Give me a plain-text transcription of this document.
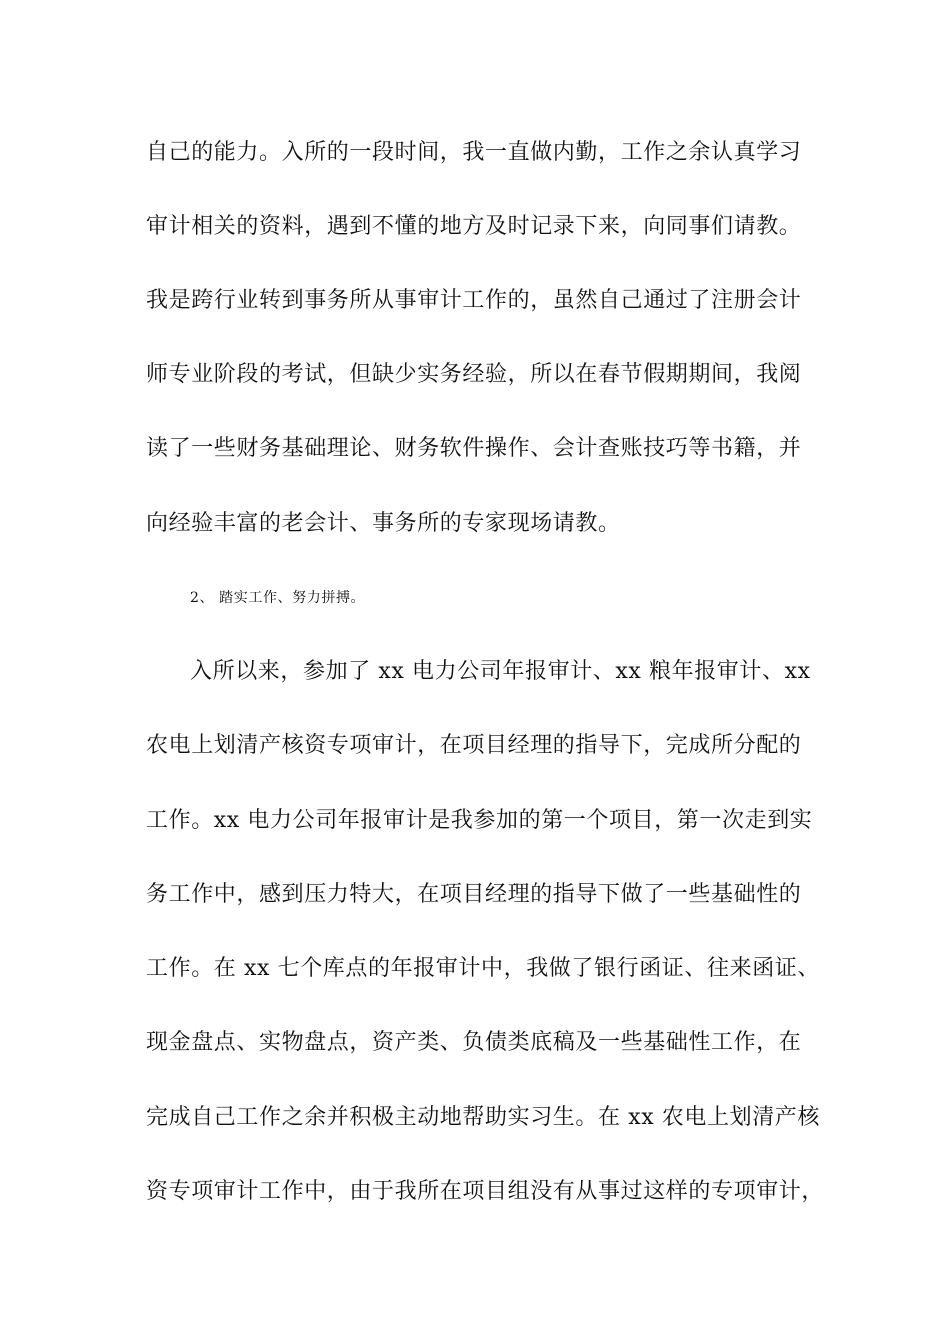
自己的能力。入所的一段时间，我一直做内勤，工作之余认真学习
审计相关的资料，遇到不懂的地方及时记录下来，向同事们请教。
我是跨行业转到事务所从事审计工作的，虽然自己通过了注册会计
师专业阶段的考试，但缺少实务经验，所以在春节假期期间，我阅
读了一些财务基础理论、财务软件操作、会计查账技巧等书籍，并
向经验丰富的老会计、事务所的专家现场请教。
2、 踏实工作、努力拼搏。
入所以来，参加了 xx 电力公司年报审计、xx 粮年报审计、xx
农电上划清产核资专项审计，在项目经理的指导下，完成所分配的
工作。xx 电力公司年报审计是我参加的第一个项目，第一次走到实
务工作中，感到压力特大，在项目经理的指导下做了一些基础性的
工作。在 xx 七个库点的年报审计中，我做了银行函证、往来函证、
现金盘点、实物盘点，资产类、负债类底稿及一些基础性工作，在
完成自己工作之余并积极主动地帮助实习生。在 xx 农电上划清产核
资专项审计工作中，由于我所在项目组没有从事过这样的专项审计，
